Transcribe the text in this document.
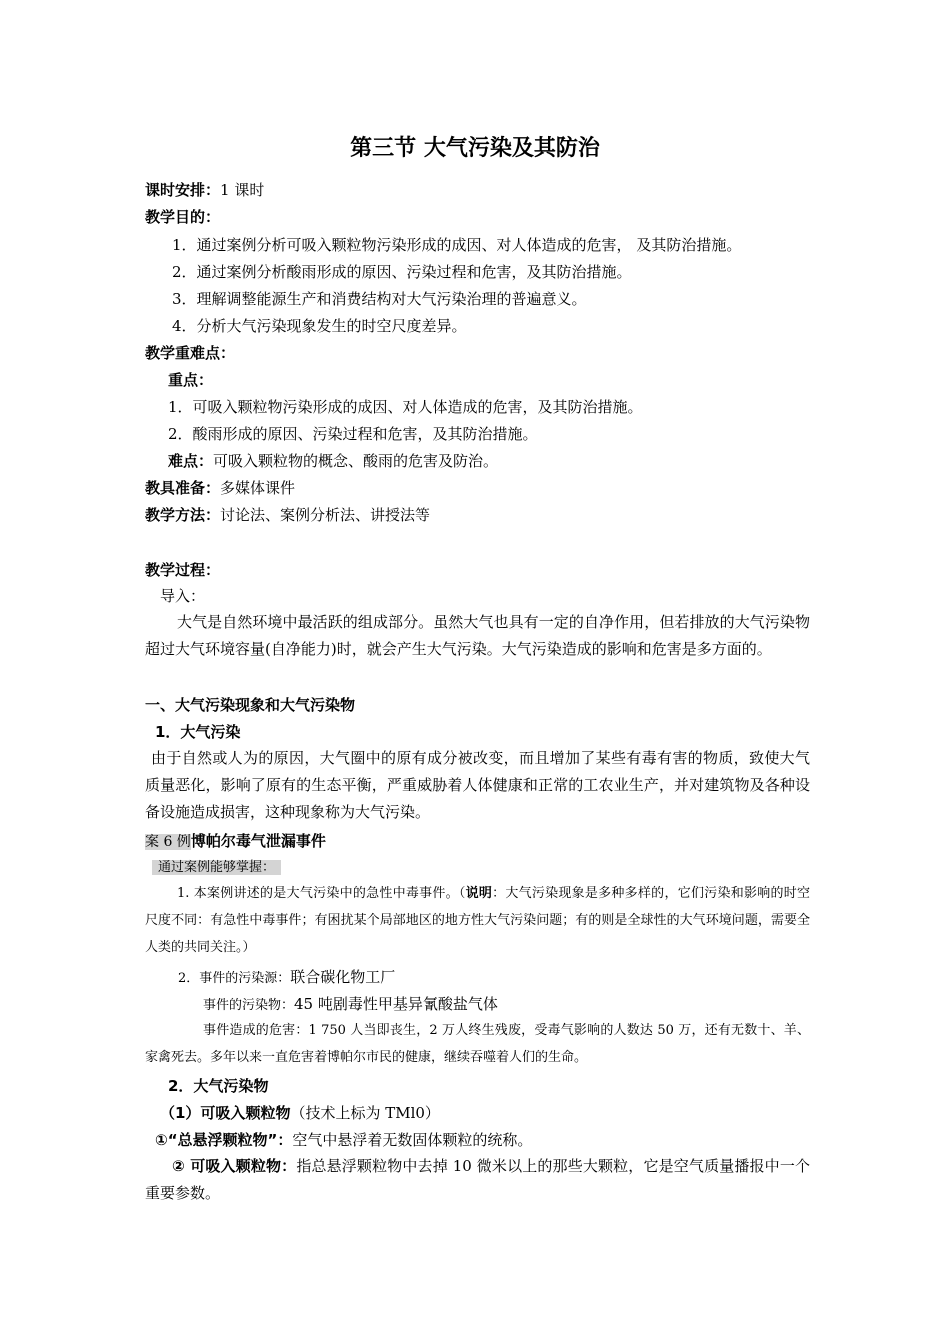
第三节 大气污染及其防治
课时安排：1 课时
教学目的：
1．通过案例分析可吸入颗粒物污染形成的成因、对人体造成的危害， 及其防治措施。
2．通过案例分析酸雨形成的原因、污染过程和危害，及其防治措施。
3．理解调整能源生产和消费结构对大气污染治理的普遍意义。
4．分析大气污染现象发生的时空尺度差异。
教学重难点：
重点：
1．可吸入颗粒物污染形成的成因、对人体造成的危害，及其防治措施。
2．酸雨形成的原因、污染过程和危害，及其防治措施。
难点：可吸入颗粒物的概念、酸雨的危害及防治。
教具准备：多媒体课件
教学方法：讨论法、案例分析法、讲授法等
教学过程：
导入：
大气是自然环境中最活跃的组成部分。虽然大气也具有一定的自净作用，但若排放的大气污染物超过大气环境容量(自净能力)时，就会产生大气污染。大气污染造成的影响和危害是多方面的。
一、大气污染现象和大气污染物
1．大气污染
由于自然或人为的原因，大气圈中的原有成分被改变，而且增加了某些有毒有害的物质，致使大气质量恶化，影响了原有的生态平衡，严重威胁着人体健康和正常的工农业生产，并对建筑物及各种设备设施造成损害，这种现象称为大气污染。
案 6 例博帕尔毒气泄漏事件
通过案例能够掌握：
1. 本案例讲述的是大气污染中的急性中毒事件。（说明：大气污染现象是多种多样的，它们污染和影响的时空尺度不同：有急性中毒事件；有困扰某个局部地区的地方性大气污染问题；有的则是全球性的大气环境问题，需要全人类的共同关注。）
2．事件的污染源：联合碳化物工厂
事件的污染物：45 吨剧毒性甲基异氰酸盐气体
事件造成的危害：1 750 人当即丧生，2 万人终生残废，受毒气影响的人数达 50 万，还有无数十、羊、家禽死去。多年以来一直危害着博帕尔市民的健康，继续吞噬着人们的生命。
2．大气污染物
（1）可吸入颗粒物（技术上标为 TMl0）
①“总悬浮颗粒物”：空气中悬浮着无数固体颗粒的统称。
② 可吸入颗粒物：指总悬浮颗粒物中去掉 10 微米以上的那些大颗粒，它是空气质量播报中一个重要参数。
